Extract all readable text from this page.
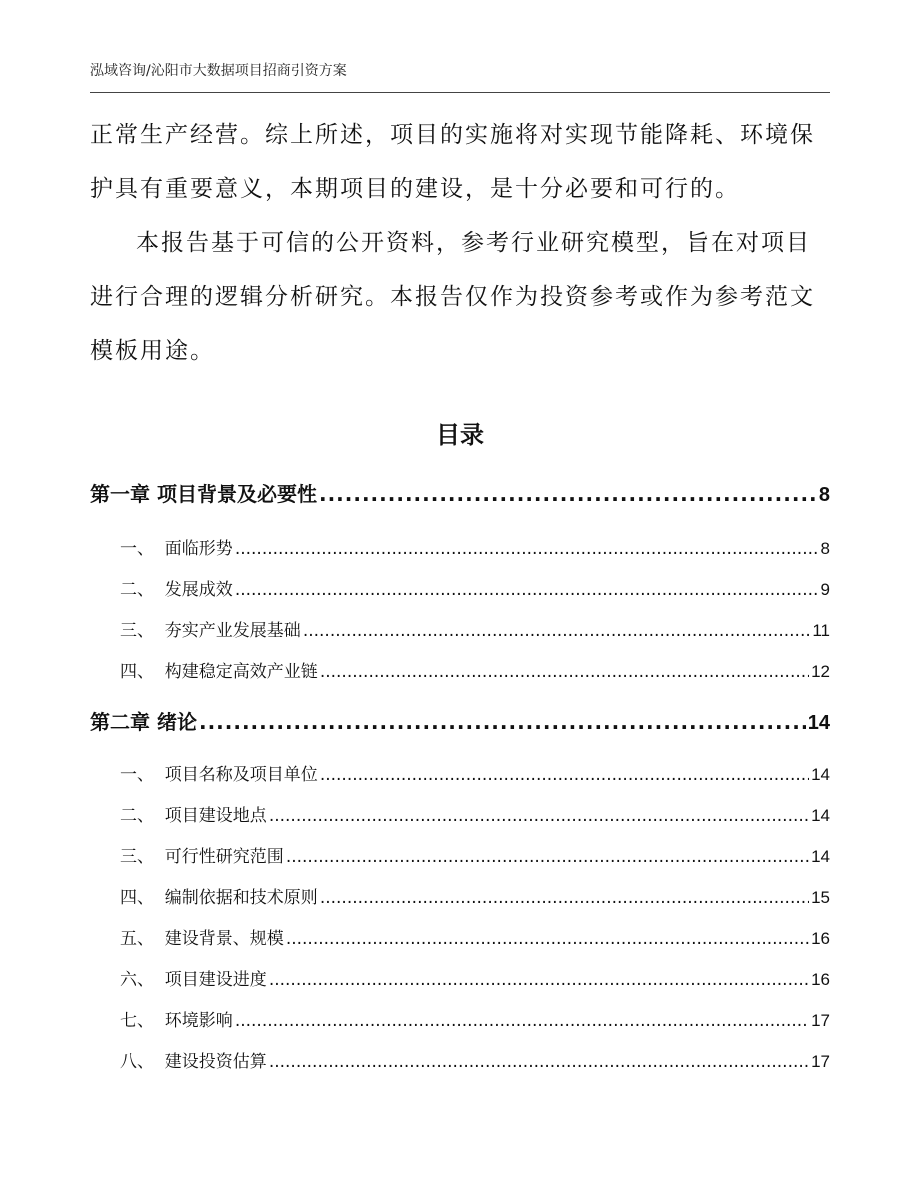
泓域咨询/沁阳市大数据项目招商引资方案
正常生产经营。综上所述，项目的实施将对实现节能降耗、环境保护具有重要意义，本期项目的建设，是十分必要和可行的。
本报告基于可信的公开资料，参考行业研究模型，旨在对项目进行合理的逻辑分析研究。本报告仅作为投资参考或作为参考范文模板用途。
目录
第一章 项目背景及必要性 .....	8
一、  面临形势 .....	8
二、  发展成效 .....	9
三、  夯实产业发展基础 .....	11
四、  构建稳定高效产业链 .....	12
第二章 绪论 .....	14
一、  项目名称及项目单位 .....	14
二、  项目建设地点 .....	14
三、  可行性研究范围 .....	14
四、  编制依据和技术原则 .....	15
五、  建设背景、规模 .....	16
六、  项目建设进度 .....	16
七、  环境影响 .....	17
八、  建设投资估算 .....	17
